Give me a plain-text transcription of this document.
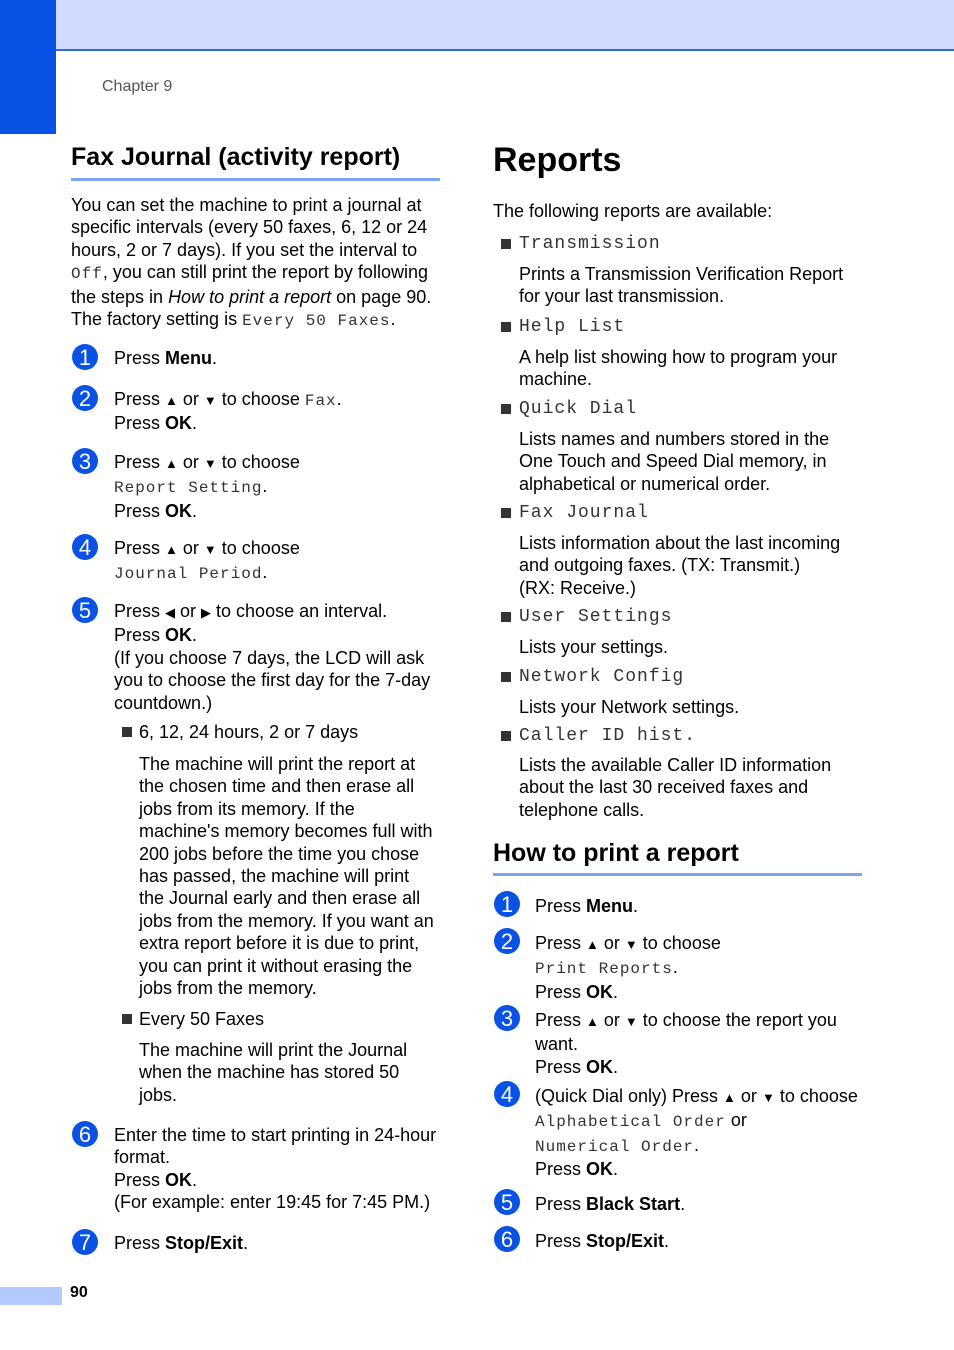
Chapter 9
Fax Journal (activity report)
You can set the machine to print a journal at
specific intervals (every 50 faxes, 6, 12 or 24
hours, 2 or 7 days). If you set the interval to
Off, you can still print the report by following
the steps in How to print a report on page 90.
The factory setting is Every 50 Faxes.
1	Press Menu.
2	Press ▲ or ▼ to choose Fax.
Press OK.
3	Press ▲ or ▼ to choose
Report Setting.
Press OK.
4	Press ▲ or ▼ to choose
Journal Period.
5	Press ◀ or ▶ to choose an interval.
Press OK.
(If you choose 7 days, the LCD will ask
you to choose the first day for the 7-day
countdown.)
6, 12, 24 hours, 2 or 7 days
The machine will print the report at
the chosen time and then erase all
jobs from its memory. If the
machine's memory becomes full with
200 jobs before the time you chose
has passed, the machine will print
the Journal early and then erase all
jobs from the memory. If you want an
extra report before it is due to print,
you can print it without erasing the
jobs from the memory.
Every 50 Faxes
The machine will print the Journal
when the machine has stored 50
jobs.
6	Enter the time to start printing in 24-hour
format.
Press OK.
(For example: enter 19:45 for 7:45 PM.)
7	Press Stop/Exit.
90
Reports
The following reports are available:
Transmission
Prints a Transmission Verification Report
for your last transmission.
Help List
A help list showing how to program your
machine.
Quick Dial
Lists names and numbers stored in the
One Touch and Speed Dial memory, in
alphabetical or numerical order.
Fax Journal
Lists information about the last incoming
and outgoing faxes. (TX: Transmit.)
(RX: Receive.)
User Settings
Lists your settings.
Network Config
Lists your Network settings.
Caller ID hist.
Lists the available Caller ID information
about the last 30 received faxes and
telephone calls.
How to print a report
1	Press Menu.
2	Press ▲ or ▼ to choose
Print Reports.
Press OK.
3	Press ▲ or ▼ to choose the report you
want.
Press OK.
4	(Quick Dial only) Press ▲ or ▼ to choose
Alphabetical Order or
Numerical Order.
Press OK.
5	Press Black Start.
6	Press Stop/Exit.
